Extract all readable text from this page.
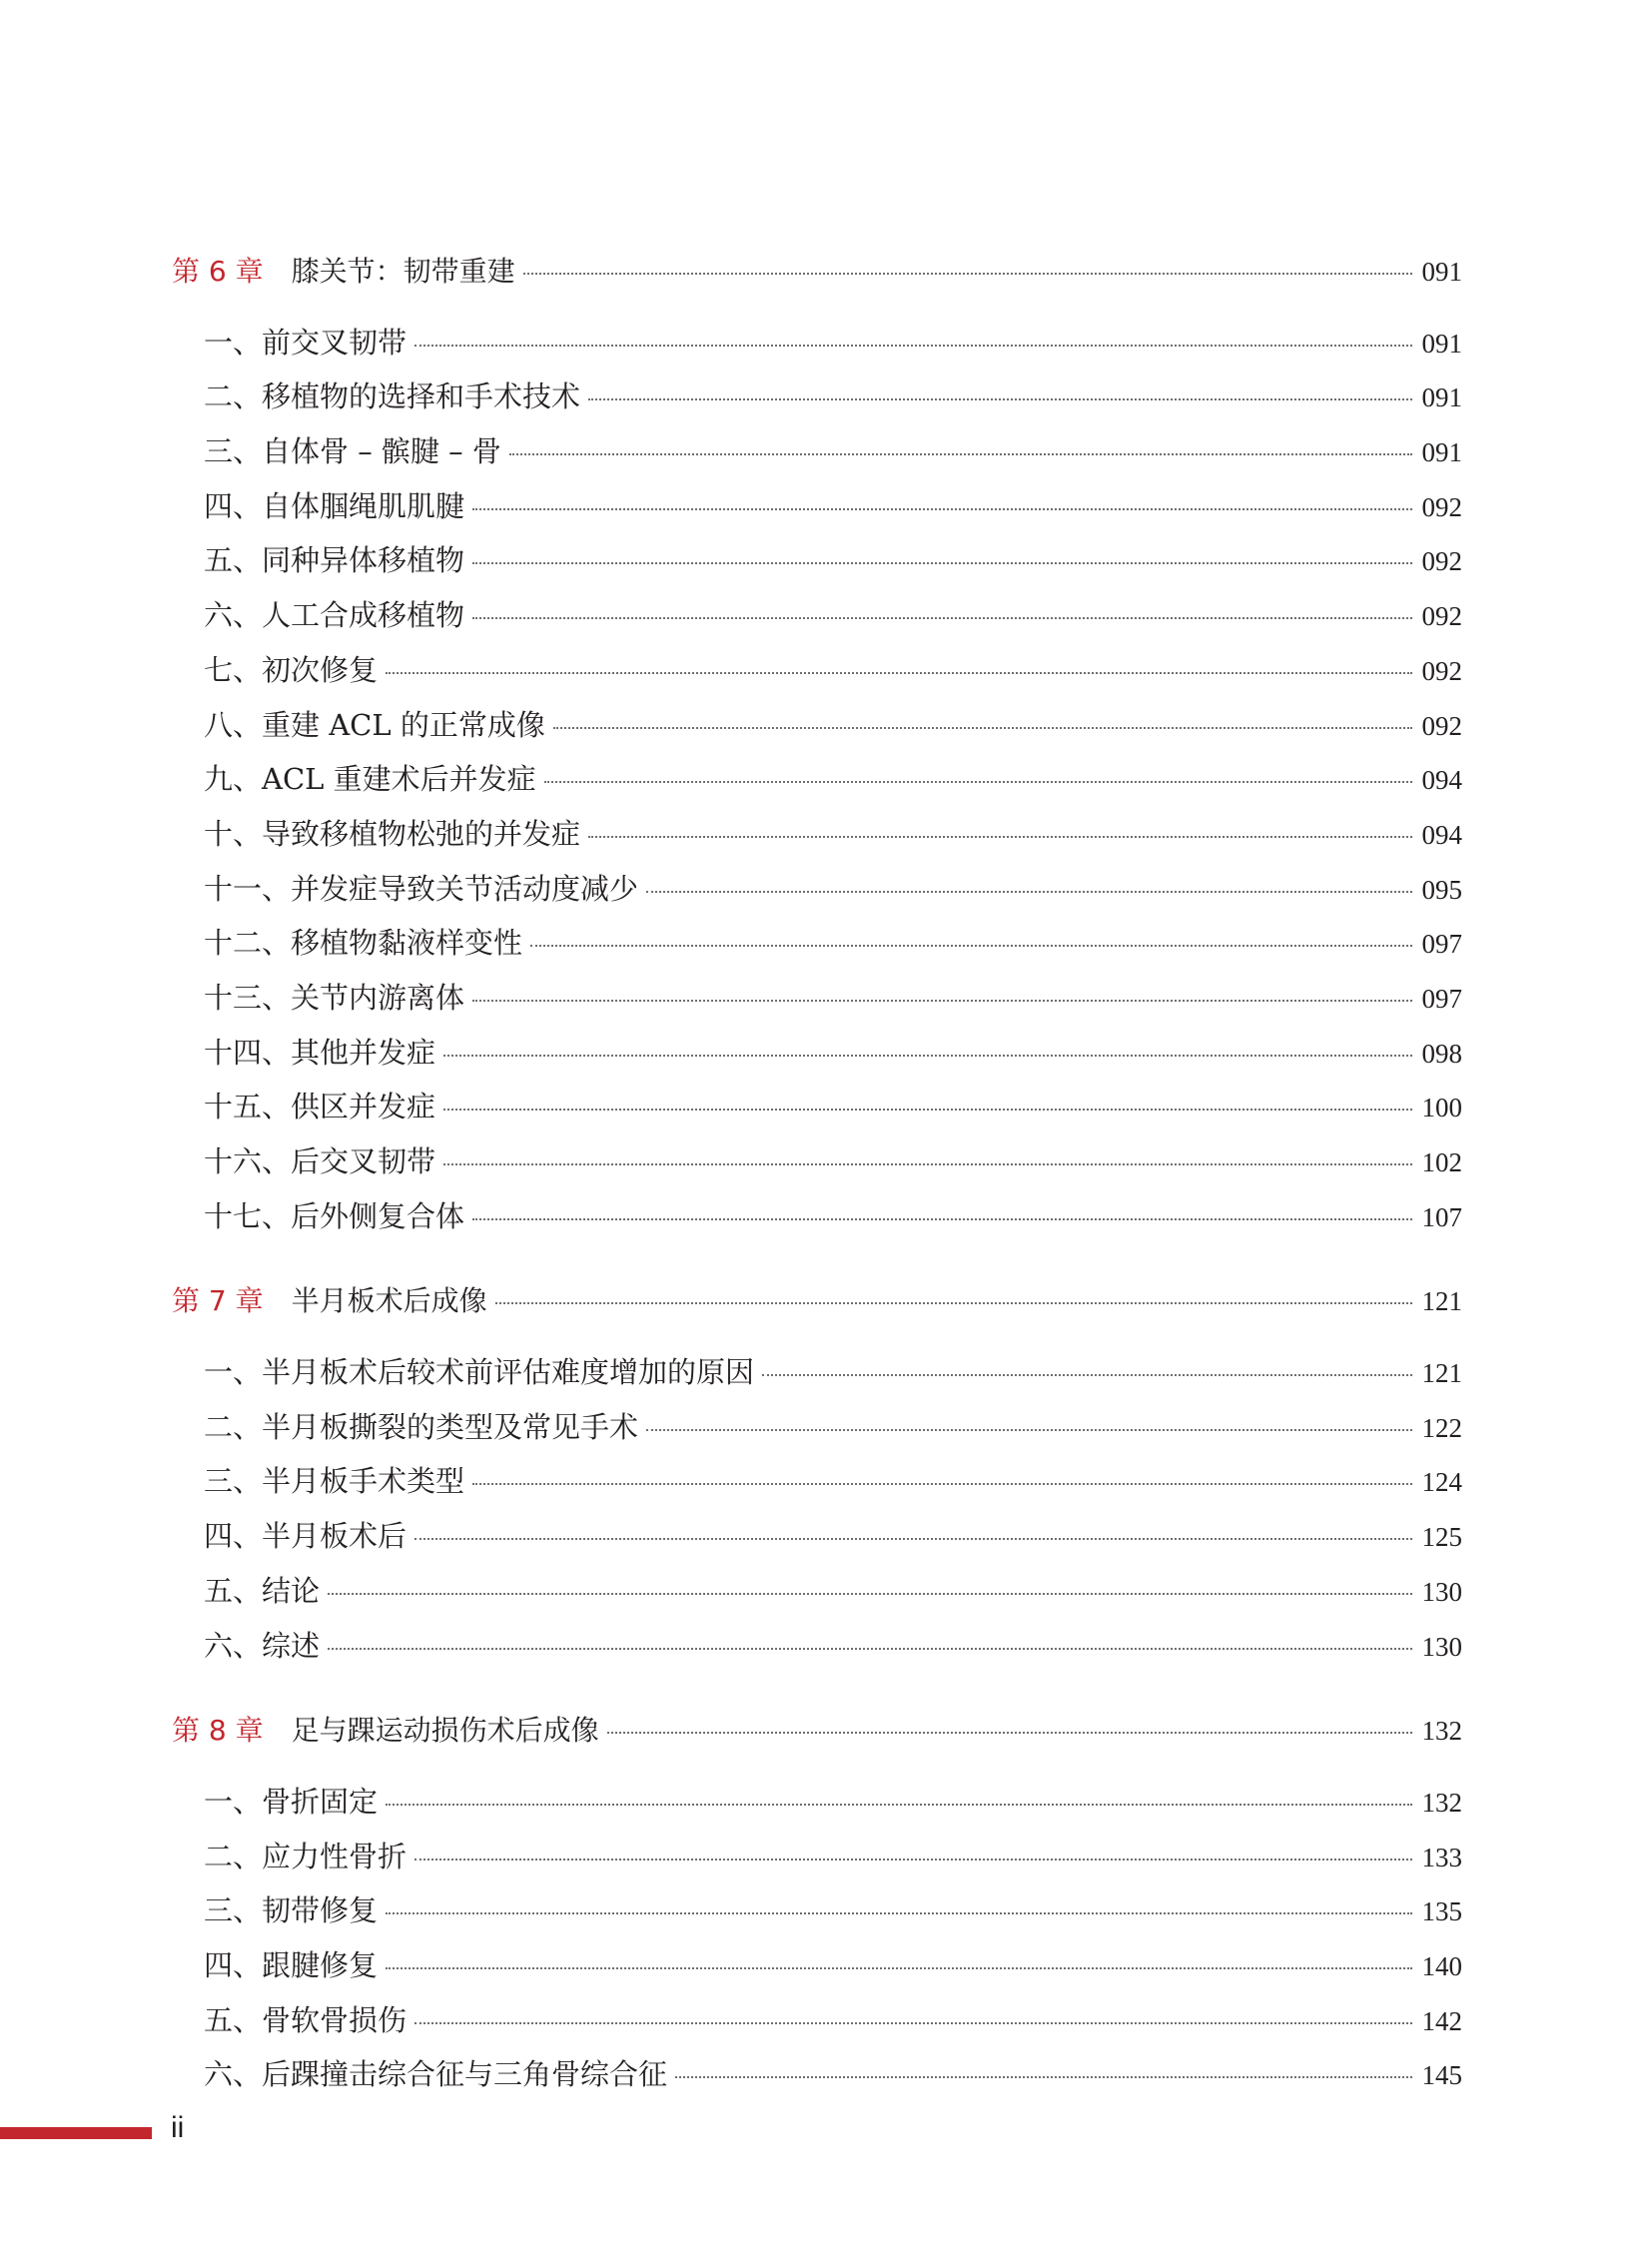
第 6 章 膝关节：韧带重建	091
一、前交叉韧带	091
二、移植物的选择和手术技术	091
三、自体骨 – 髌腱 – 骨	091
四、自体腘绳肌肌腱	092
五、同种异体移植物	092
六、人工合成移植物	092
七、初次修复	092
八、重建 ACL 的正常成像	092
九、ACL 重建术后并发症	094
十、导致移植物松弛的并发症	094
十一、并发症导致关节活动度减少	095
十二、移植物黏液样变性	097
十三、关节内游离体	097
十四、其他并发症	098
十五、供区并发症	100
十六、后交叉韧带	102
十七、后外侧复合体	107
第 7 章 半月板术后成像	121
一、半月板术后较术前评估难度增加的原因	121
二、半月板撕裂的类型及常见手术	122
三、半月板手术类型	124
四、半月板术后	125
五、结论	130
六、综述	130
第 8 章 足与踝运动损伤术后成像	132
一、骨折固定	132
二、应力性骨折	133
三、韧带修复	135
四、跟腱修复	140
五、骨软骨损伤	142
六、后踝撞击综合征与三角骨综合征	145
ii
